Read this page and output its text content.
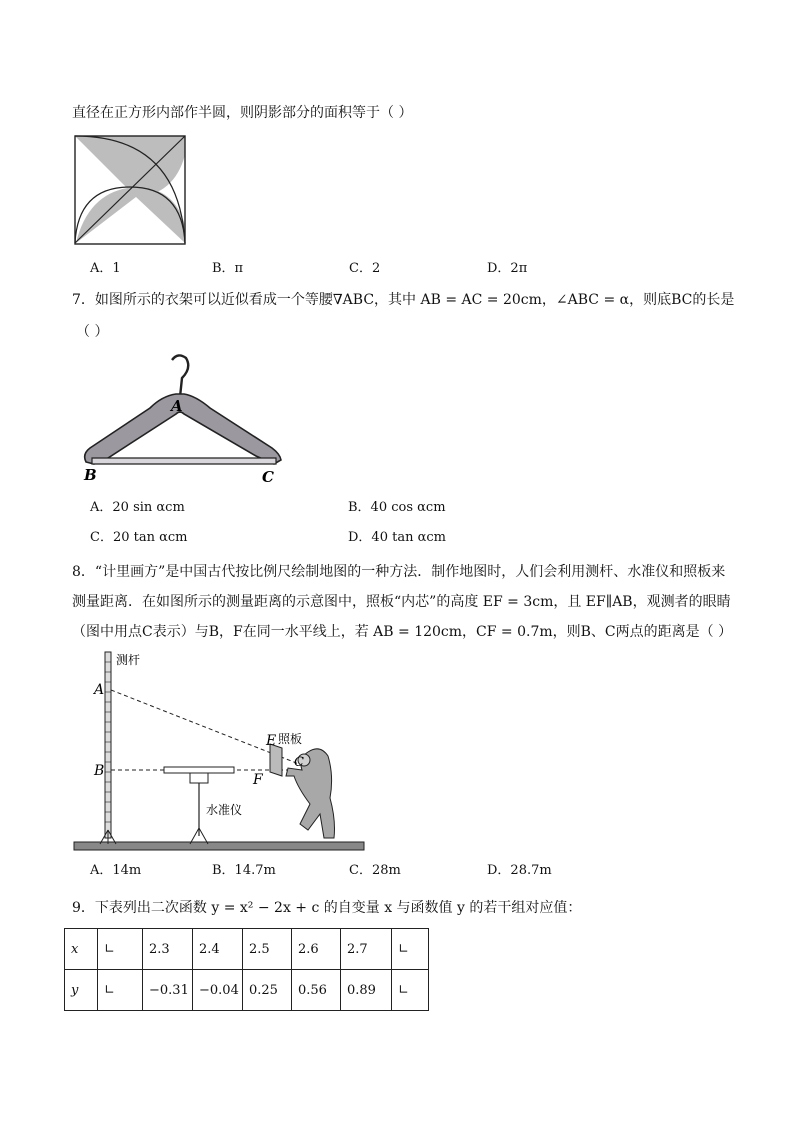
直径在正方形内部作半圆，则阴影部分的面积等于（ ）
A．1	B．π	C．2	D．2π
7．如图所示的衣架可以近似看成一个等腰∇ABC，其中 AB = AC = 20cm，∠ABC = α，则底BC的长是
（ ）
A
B	C
A．20 sin αcm	B．40 cos αcm
C．20 tan αcm	D．40 tan αcm
8．“计里画方”是中国古代按比例尺绘制地图的一种方法．制作地图时，人们会利用测杆、水准仪和照板来
测量距离．在如图所示的测量距离的示意图中，照板“内芯”的高度 EF = 3cm，且 EF∥AB，观测者的眼睛
（图中用点C表示）与B，F在同一水平线上，若 AB = 120cm，CF = 0.7m，则B、C两点的距离是（ ）
测杆
A
B
E 照板
F
C
水准仪
A．14m	B．14.7m	C．28m	D．28.7m
9．下表列出二次函数 y = x² − 2x + c 的自变量 x 与函数值 y 的若干组对应值：
x	∟	2.3	2.4	2.5	2.6	2.7	∟
y	∟	−0.31	−0.04	0.25	0.56	0.89	∟
